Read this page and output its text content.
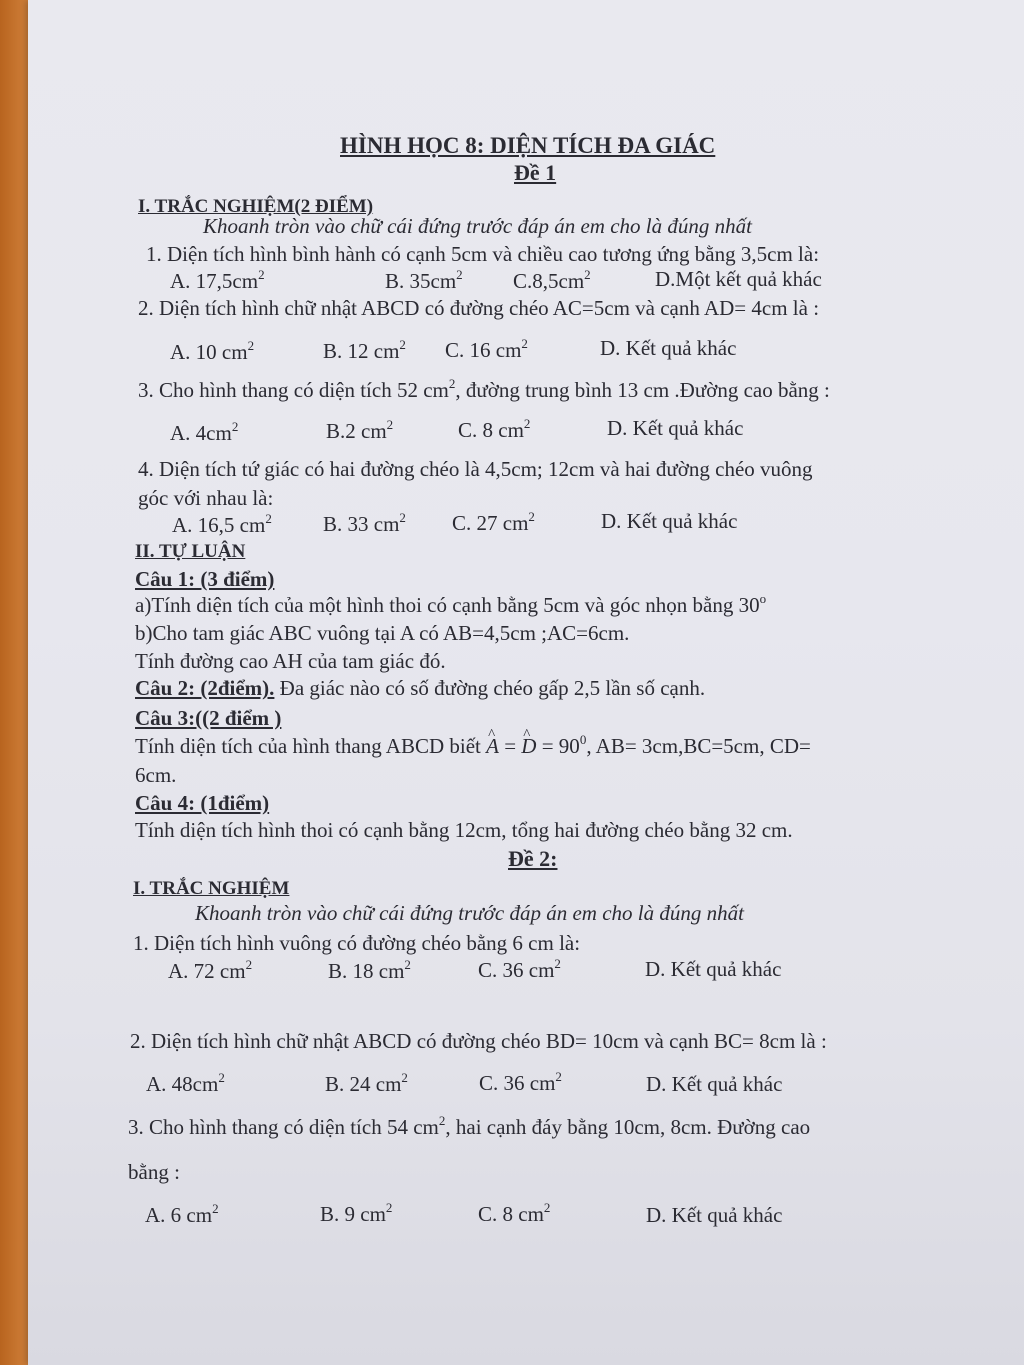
HÌNH HỌC 8: DIỆN TÍCH ĐA GIÁC
Đề 1
I. TRẮC NGHIỆM(2 ĐIỂM)
Khoanh tròn vào chữ cái đứng trước đáp án em cho là đúng nhất
1. Diện tích hình bình hành có cạnh 5cm và chiều cao tương ứng bằng 3,5cm là:
A. $17,5cm^2$	B. $35cm^2$ $C.8,5cm^2$	D.Một kết quả khác
2. Diện tích hình chữ nhật ABCD có đường chéo AC=5cm và cạnh AD= 4cm là :
A. 10 $cm^2$	B. 12 $cm^2$ C. 16 $cm^2$	D. Kết quả khác
3. Cho hình thang có diện tích 52 $cm^2$, đường trung bình 13 cm .Đường cao bằng :
A. $4cm^2$	B.2 $cm^2$	C. 8 $cm^2$	D. Kết quả khác
4. Diện tích tứ giác có hai đường chéo là 4,5cm; 12cm và hai đường chéo vuông
góc với nhau là:
A. 16,5 $cm^2$ B. 33 $cm^2$ C. 27 $cm^2$	D. Kết quả khác
II. TỰ LUẬN
Câu 1: (3 điểm)
a)Tính diện tích của một hình thoi có cạnh bằng 5cm và góc nhọn bằng 30$^o$
b)Cho tam giác ABC vuông tại A có AB=4,5cm ;AC=6cm.
Tính đường cao AH của tam giác đó.
Câu 2: (2điểm). Đa giác nào có số đường chéo gấp 2,5 lần số cạnh.
Câu 3:((2 điểm )
Tính diện tích của hình thang ABCD biết ^ A = ^ $D = 90^0$, AB= 3cm,BC=5cm, CD=
6cm.
Câu 4: (1điểm)
Tính diện tích hình thoi có cạnh bằng 12cm, tổng hai đường chéo bằng 32 cm.
Đề 2:
I. TRẮC NGHIỆM
Khoanh tròn vào chữ cái đứng trước đáp án em cho là đúng nhất
1. Diện tích hình vuông có đường chéo bằng 6 cm là:
A. 72 $cm^2$	B. 18 $cm^2$	C. 36 $cm^2$	D. Kết quả khác
2. Diện tích hình chữ nhật ABCD có đường chéo BD= 10cm và cạnh BC= 8cm là :
A. $48cm^2$	B. 24 $cm^2$	C. 36 $cm^2$	D. Kết quả khác
3. Cho hình thang có diện tích 54 $cm^2$, hai cạnh đáy bằng 10cm, 8cm. Đường cao
bằng :
A. 6 $cm^2$	B. 9 $cm^2$	C. 8 $cm^2$	D. Kết quả khác
